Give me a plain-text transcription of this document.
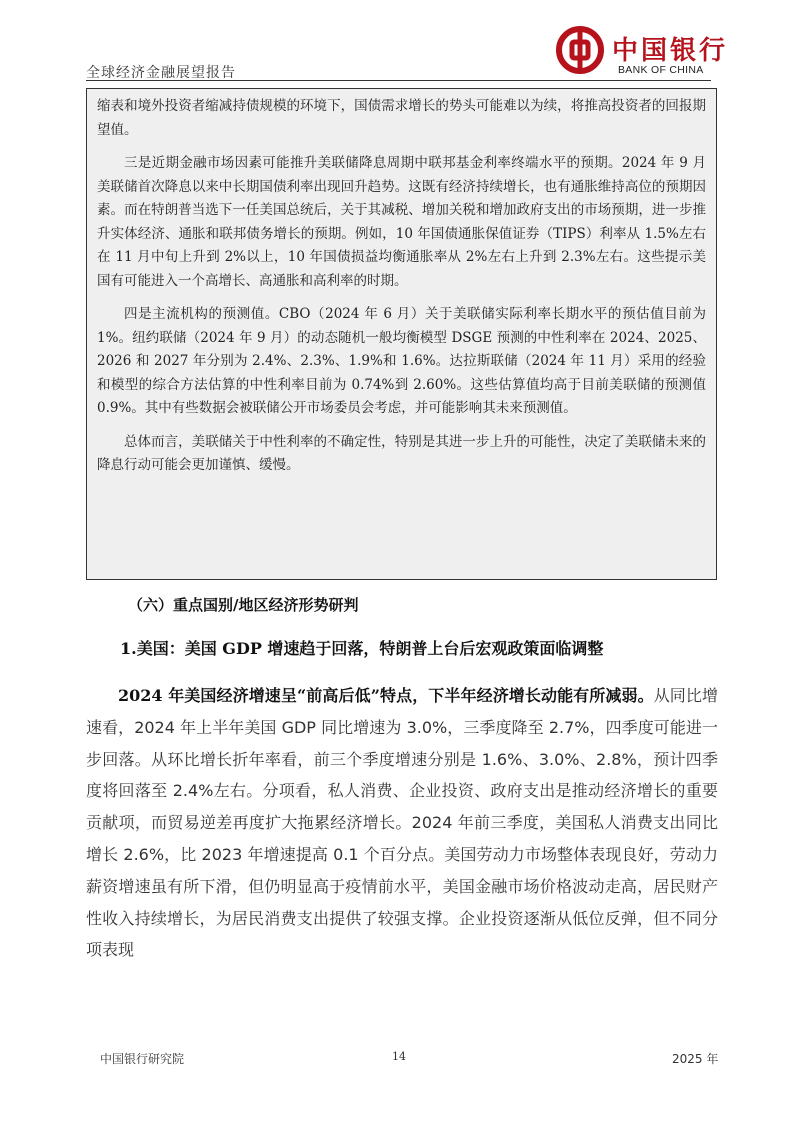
全球经济金融展望报告
中国银行
BANK OF CHINA

缩表和境外投资者缩减持债规模的环境下，国债需求增长的势头可能难以为续，将推高投资者的回报期望值。

三是近期金融市场因素可能推升美联储降息周期中联邦基金利率终端水平的预期。2024 年 9 月美联储首次降息以来中长期国债利率出现回升趋势。这既有经济持续增长，也有通胀维持高位的预期因素。而在特朗普当选下一任美国总统后，关于其减税、增加关税和增加政府支出的市场预期，进一步推升实体经济、通胀和联邦债务增长的预期。例如，10 年国债通胀保值证券（TIPS）利率从 1.5%左右在 11 月中旬上升到 2%以上，10 年国债损益均衡通胀率从 2%左右上升到 2.3%左右。这些提示美国有可能进入一个高增长、高通胀和高利率的时期。

四是主流机构的预测值。CBO（2024 年 6 月）关于美联储实际利率长期水平的预估值目前为 1%。纽约联储（2024 年 9 月）的动态随机一般均衡模型 DSGE 预测的中性利率在 2024、2025、2026 和 2027 年分别为 2.4%、2.3%、1.9%和 1.6%。达拉斯联储（2024 年 11 月）采用的经验和模型的综合方法估算的中性利率目前为 0.74%到 2.60%。这些估算值均高于目前美联储的预测值 0.9%。其中有些数据会被联储公开市场委员会考虑，并可能影响其未来预测值。

总体而言，美联储关于中性利率的不确定性，特别是其进一步上升的可能性，决定了美联储未来的降息行动可能会更加谨慎、缓慢。

（六）重点国别/地区经济形势研判
1.美国：美国 GDP 增速趋于回落，特朗普上台后宏观政策面临调整

2024 年美国经济增速呈“前高后低”特点，下半年经济增长动能有所减弱。从同比增速看，2024 年上半年美国 GDP 同比增速为 3.0%，三季度降至 2.7%，四季度可能进一步回落。从环比增长折年率看，前三个季度增速分别是 1.6%、3.0%、2.8%，预计四季度将回落至 2.4%左右。分项看，私人消费、企业投资、政府支出是推动经济增长的重要贡献项，而贸易逆差再度扩大拖累经济增长。2024 年前三季度，美国私人消费支出同比增长 2.6%，比 2023 年增速提高 0.1 个百分点。美国劳动力市场整体表现良好，劳动力薪资增速虽有所下滑，但仍明显高于疫情前水平，美国金融市场价格波动走高，居民财产性收入持续增长，为居民消费支出提供了较强支撑。企业投资逐渐从低位反弹，但不同分项表现

中国银行研究院	14	2025 年
